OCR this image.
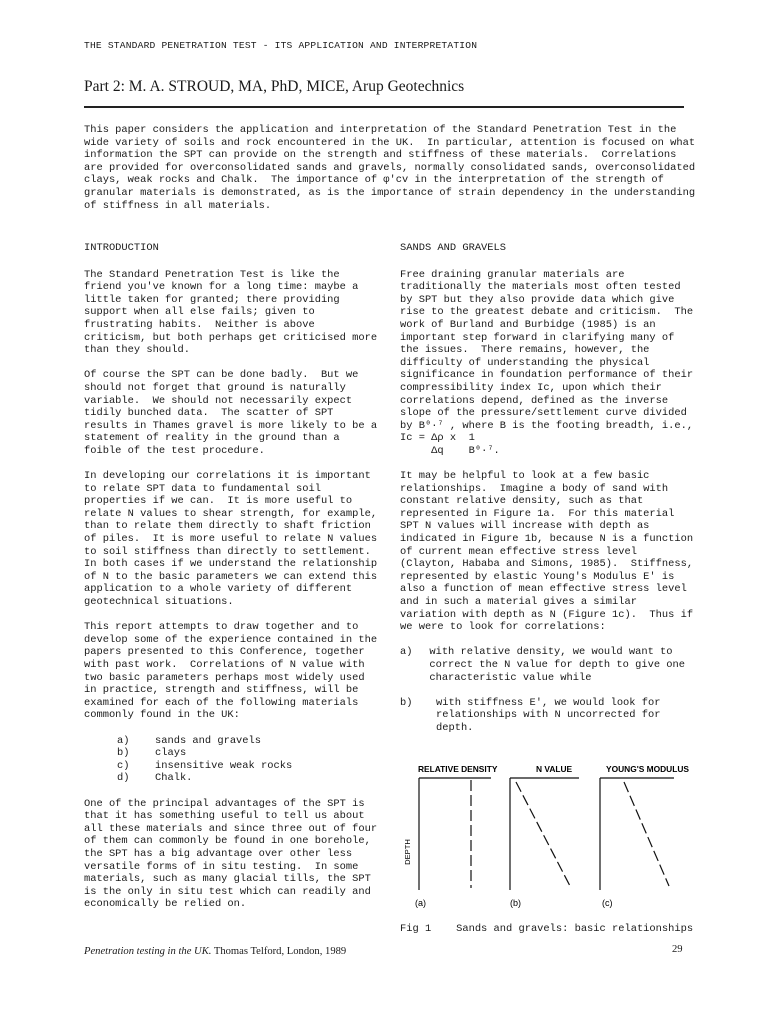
THE STANDARD PENETRATION TEST - ITS APPLICATION AND INTERPRETATION
Part 2: M. A. STROUD, MA, PhD, MICE, Arup Geotechnics
This paper considers the application and interpretation of the Standard Penetration Test in the
wide variety of soils and rock encountered in the UK.  In particular, attention is focused on what
information the SPT can provide on the strength and stiffness of these materials.  Correlations
are provided for overconsolidated sands and gravels, normally consolidated sands, overconsolidated
clays, weak rocks and Chalk.  The importance of φ′cv in the interpretation of the strength of
granular materials is demonstrated, as is the importance of strain dependency in the understanding
of stiffness in all materials.
INTRODUCTION
The Standard Penetration Test is like the
friend you've known for a long time: maybe a
little taken for granted; there providing
support when all else fails; given to
frustrating habits.  Neither is above
criticism, but both perhaps get criticised more
than they should.
Of course the SPT can be done badly.  But we
should not forget that ground is naturally
variable.  We should not necessarily expect
tidily bunched data.  The scatter of SPT
results in Thames gravel is more likely to be a
statement of reality in the ground than a
foible of the test procedure.
In developing our correlations it is important
to relate SPT data to fundamental soil
properties if we can.  It is more useful to
relate N values to shear strength, for example,
than to relate them directly to shaft friction
of piles.  It is more useful to relate N values
to soil stiffness than directly to settlement.
In both cases if we understand the relationship
of N to the basic parameters we can extend this
application to a whole variety of different
geotechnical situations.
This report attempts to draw together and to
develop some of the experience contained in the
papers presented to this Conference, together
with past work.  Correlations of N value with
two basic parameters perhaps most widely used
in practice, strength and stiffness, will be
examined for each of the following materials
commonly found in the UK:
a)	sands and gravels
b)	clays
c)	insensitive weak rocks
d)	Chalk.
One of the principal advantages of the SPT is
that it has something useful to tell us about
all these materials and since three out of four
of them can commonly be found in one borehole,
the SPT has a big advantage over other less
versatile forms of in situ testing.  In some
materials, such as many glacial tills, the SPT
is the only in situ test which can readily and
economically be relied on.
SANDS AND GRAVELS
Free draining granular materials are
traditionally the materials most often tested
by SPT but they also provide data which give
rise to the greatest debate and criticism.  The
work of Burland and Burbidge (1985) is an
important step forward in clarifying many of
the issues.  There remains, however, the
difficulty of understanding the physical
significance in foundation performance of their
compressibility index Ic, upon which their
correlations depend, defined as the inverse
slope of the pressure/settlement curve divided
by B⁰·⁷ , where B is the footing breadth, i.e.,
Ic = Δρ x  1
Δq    B⁰·⁷.
It may be helpful to look at a few basic
relationships.  Imagine a body of sand with
constant relative density, such as that
represented in Figure 1a.  For this material
SPT N values will increase with depth as
indicated in Figure 1b, because N is a function
of current mean effective stress level
(Clayton, Hababa and Simons, 1985).  Stiffness,
represented by elastic Young's Modulus E' is
also a function of mean effective stress level
and in such a material gives a similar
variation with depth as N (Figure 1c).  Thus if
we were to look for correlations:
a)	with relative density, we would want to
correct the N value for depth to give one
characteristic value while
b)	with stiffness E', we would look for
relationships with N uncorrected for
depth.
RELATIVE DENSITY	N VALUE	YOUNG'S MODULUS
DEPTH
(a)	(b)	(c)
Fig 1    Sands and gravels: basic relationships
Penetration testing in the UK. Thomas Telford, London, 1989	29
